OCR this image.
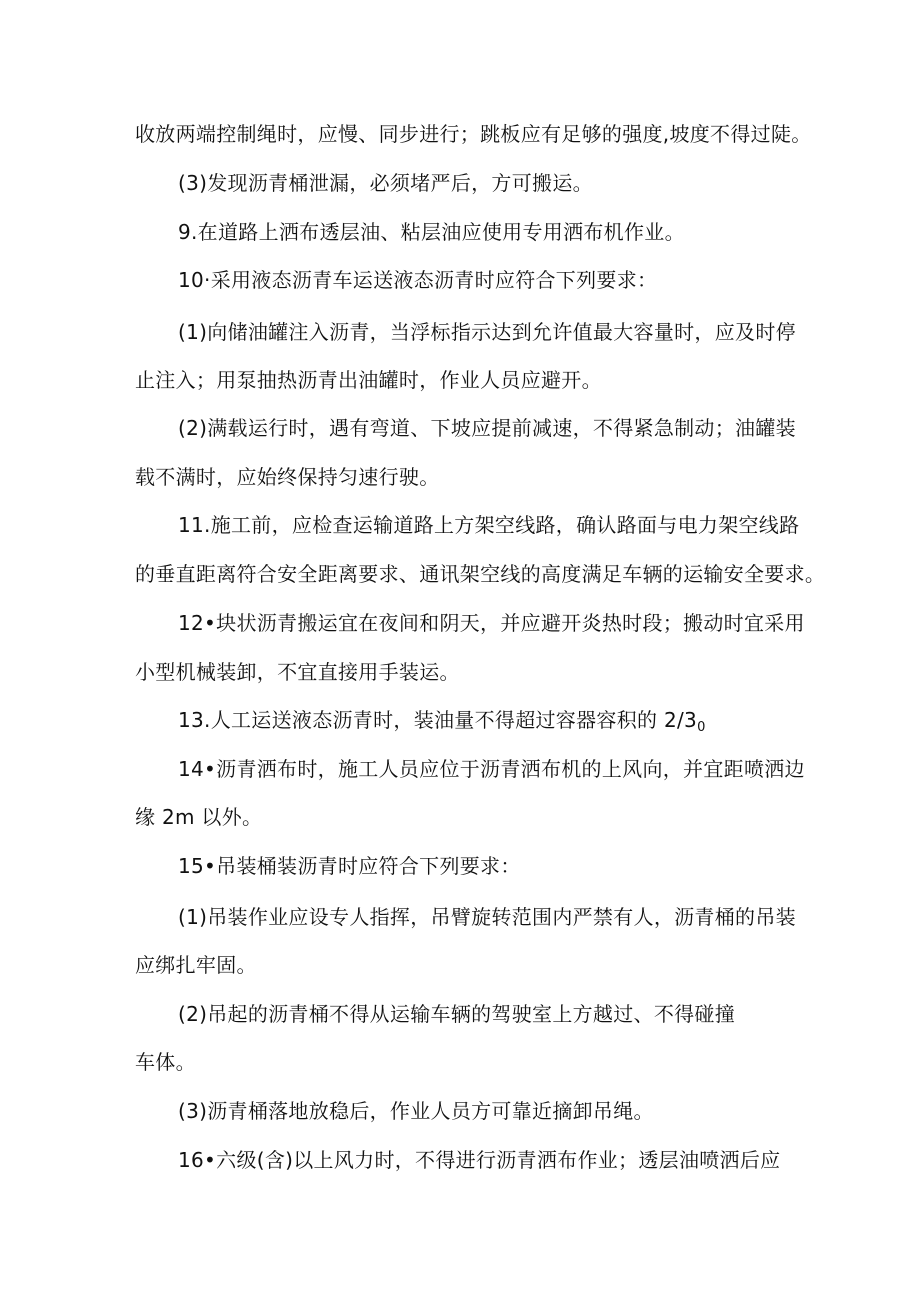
收放两端控制绳时，应慢、同步进行；跳板应有足够的强度,坡度不得过陡。
(3)发现沥青桶泄漏，必须堵严后，方可搬运。
9.在道路上洒布透层油、粘层油应使用专用洒布机作业。
10·采用液态沥青车运送液态沥青时应符合下列要求：
(1)向储油罐注入沥青，当浮标指示达到允许值最大容量时，应及时停
止注入；用泵抽热沥青出油罐时，作业人员应避开。
(2)满载运行时，遇有弯道、下坡应提前减速，不得紧急制动；油罐装
载不满时，应始终保持匀速行驶。
11.施工前，应检查运输道路上方架空线路，确认路面与电力架空线路
的垂直距离符合安全距离要求、通讯架空线的高度满足车辆的运输安全要求。
12•块状沥青搬运宜在夜间和阴天，并应避开炎热时段；搬动时宜采用
小型机械装卸，不宜直接用手装运。
13.人工运送液态沥青时，装油量不得超过容器容积的 $2/3_0$
14•沥青洒布时，施工人员应位于沥青洒布机的上风向，并宜距喷洒边
缘 2m 以外。
15•吊装桶装沥青时应符合下列要求：
(1)吊装作业应设专人指挥，吊臂旋转范围内严禁有人，沥青桶的吊装
应绑扎牢固。
(2)吊起的沥青桶不得从运输车辆的驾驶室上方越过、不得碰撞
车体。
(3)沥青桶落地放稳后，作业人员方可靠近摘卸吊绳。
16•六级(含)以上风力时，不得进行沥青洒布作业；透层油喷洒后应
